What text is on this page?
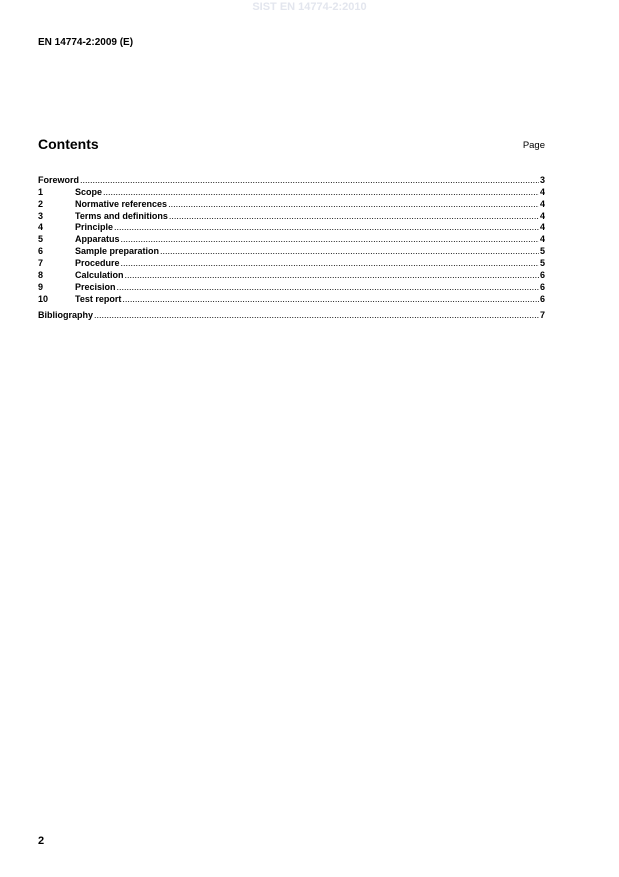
SIST EN 14774-2:2010
EN 14774-2:2009 (E)
Contents	Page
Foreword .....	3
1	Scope .....	4
2	Normative references .....	4
3	Terms and definitions .....	4
4	Principle .....	4
5	Apparatus .....	4
6	Sample preparation .....	5
7	Procedure .....	5
8	Calculation .....	6
9	Precision .....	6
10	Test report .....	6
Bibliography .....	7
2
